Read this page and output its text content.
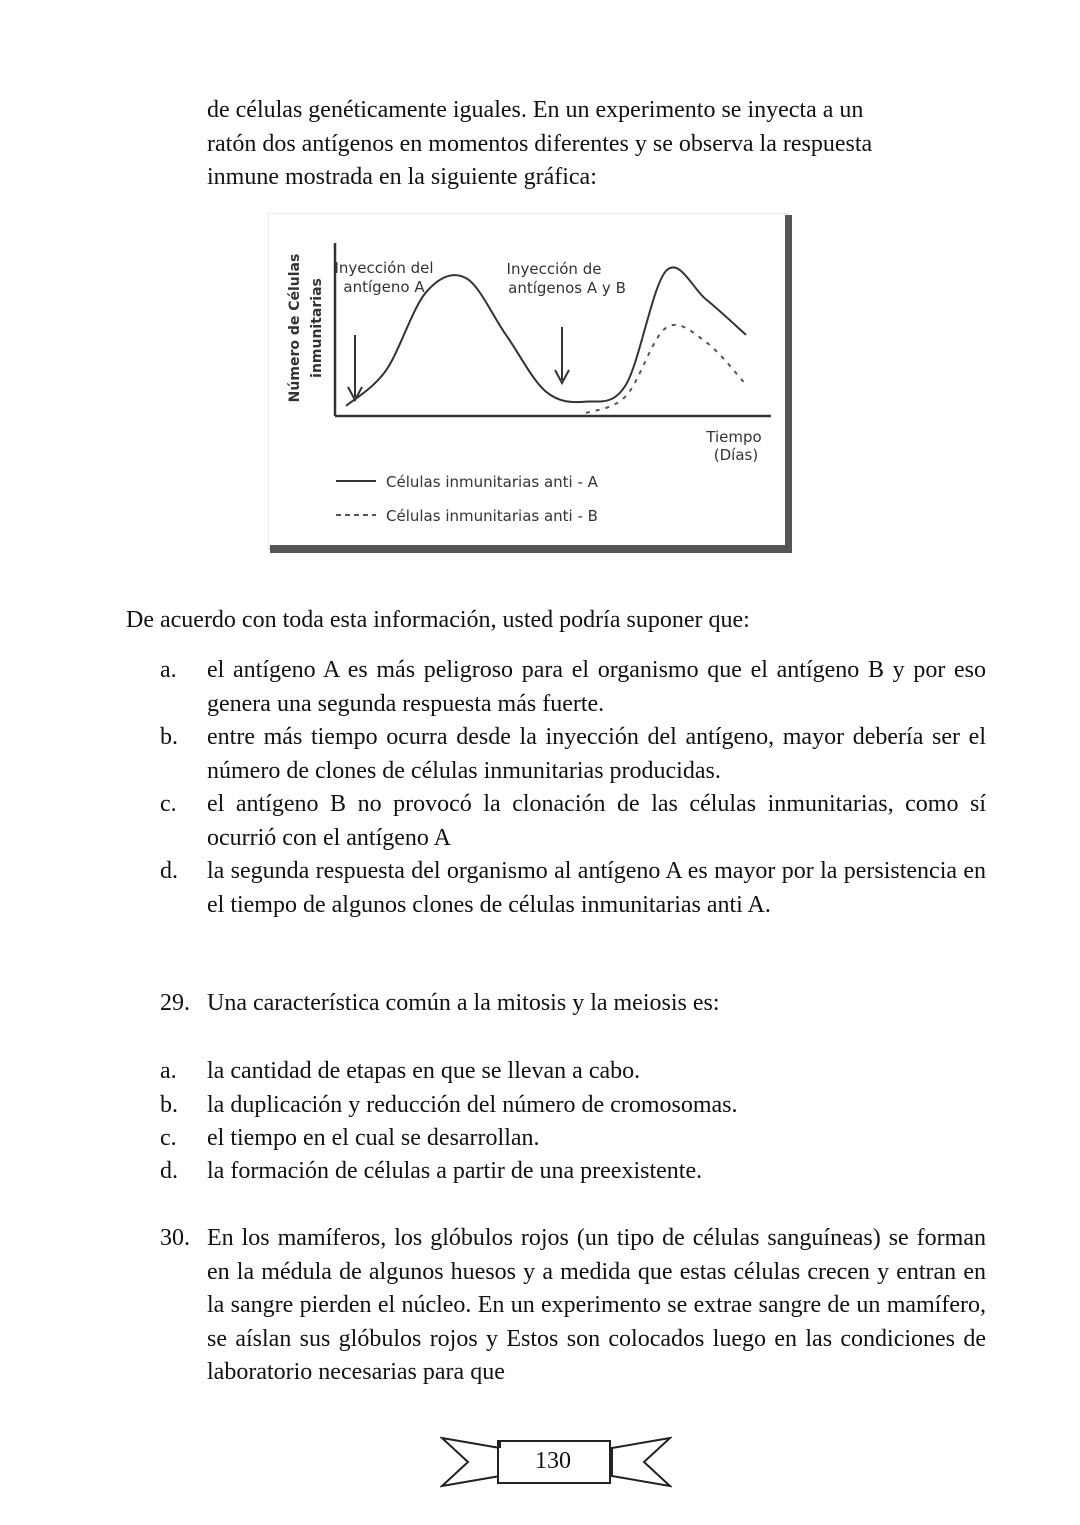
de células genéticamente iguales. En un experimento se inyecta a un
ratón dos antígenos en momentos diferentes y se observa la respuesta
inmune mostrada en la siguiente gráfica:
Número de Células inmunitarias
Tiempo
(Días)
Inyección del
antígeno A
Inyección de
antígenos A y B
Células inmunitarias anti - A
Células inmunitarias anti - B
De acuerdo con toda esta información, usted podría suponer que:
a.	el antígeno A es más peligroso para el organismo que el antígeno B y por eso genera una segunda respuesta más fuerte.
b.	entre más tiempo ocurra desde la inyección del antígeno, mayor debería ser el número de clones de células inmunitarias producidas.
c.	el antígeno B no provocó la clonación de las células inmunitarias, como sí ocurrió con el antígeno A
d.	la segunda respuesta del organismo al antígeno A es mayor por la persistencia en el tiempo de algunos clones de células inmunitarias anti A.
29. Una característica común a la mitosis y la meiosis es:
a.	la cantidad de etapas en que se llevan a cabo.
b.	la duplicación y reducción del número de cromosomas.
c.	el tiempo en el cual se desarrollan.
d.	la formación de células a partir de una preexistente.
30. En los mamíferos, los glóbulos rojos (un tipo de células sanguíneas) se forman en la médula de algunos huesos y a medida que estas células crecen y entran en la sangre pierden el núcleo. En un experimento se extrae sangre de un mamífero, se aíslan sus glóbulos rojos y Estos son colocados luego en las condiciones de laboratorio necesarias para que
130
